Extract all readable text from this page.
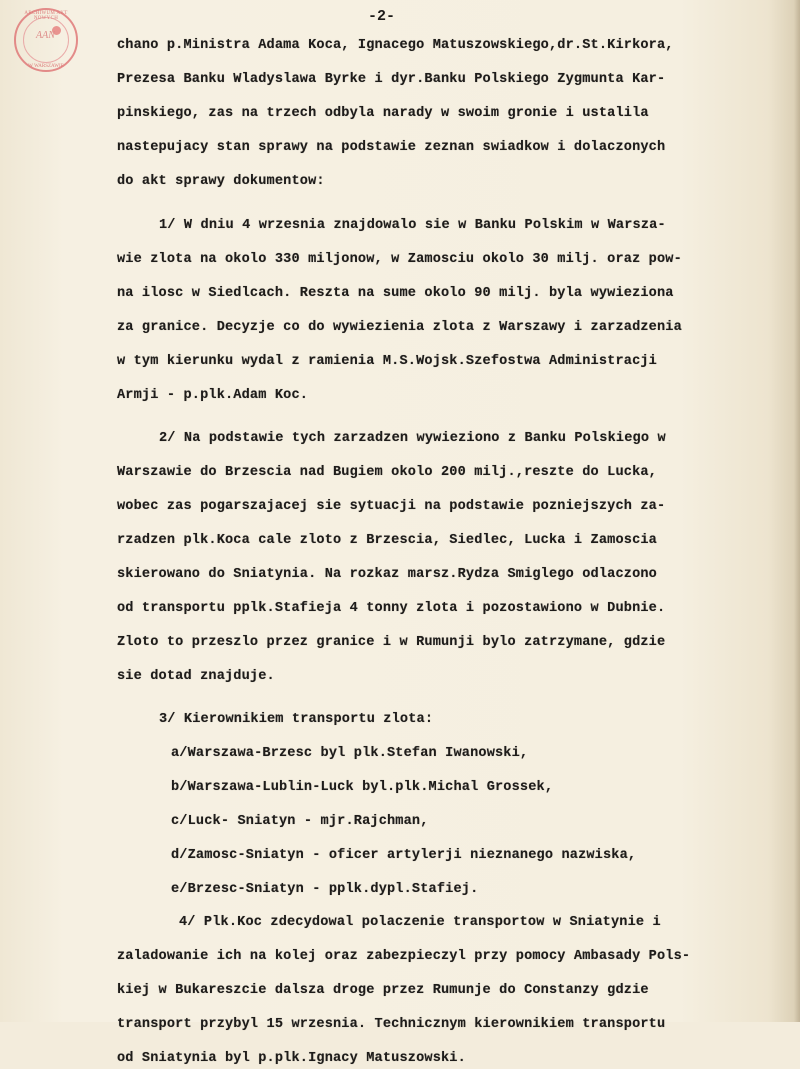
ARCHIWUM AKT NOWYCH
AAN
W WARSZAWIE
-2-
chano p.Ministra Adama Koca, Ignacego Matuszowskiego,dr.St.Kirkora,
Prezesa Banku Wladyslawa Byrke i dyr.Banku Polskiego Zygmunta Kar-
pinskiego, zas na trzech odbyla narady w swoim gronie i ustalila
nastepujacy stan sprawy na podstawie zeznan swiadkow i dolaczonych
do akt sprawy dokumentow:
1/ W dniu 4 wrzesnia znajdowalo sie w Banku Polskim w Warsza-
wie zlota na okolo 330 miljonow, w Zamosciu okolo 30 milj. oraz pow-
na ilosc w Siedlcach. Reszta na sume okolo 90 milj. byla wywieziona
za granice. Decyzje co do wywiezienia zlota z Warszawy i zarzadzenia
w tym kierunku wydal z ramienia M.S.Wojsk.Szefostwa Administracji
Armji - p.plk.Adam Koc.
2/ Na podstawie tych zarzadzen wywieziono z Banku Polskiego w
Warszawie do Brzescia nad Bugiem okolo 200 milj.,reszte do Lucka,
wobec zas pogarszajacej sie sytuacji na podstawie pozniejszych za-
rzadzen plk.Koca cale zloto z Brzescia, Siedlec, Lucka i Zamoscia
skierowano do Sniatynia. Na rozkaz marsz.Rydza Smiglego odlaczono
od transportu pplk.Stafieja 4 tonny zlota i pozostawiono w Dubnie.
Zloto to przeszlo przez granice i w Rumunji bylo zatrzymane, gdzie
sie dotad znajduje.
3/ Kierownikiem transportu zlota:
a/Warszawa-Brzesc byl plk.Stefan Iwanowski,
b/Warszawa-Lublin-Luck byl.plk.Michal Grossek,
c/Luck- Sniatyn - mjr.Rajchman,
d/Zamosc-Sniatyn - oficer artylerji nieznanego nazwiska,
e/Brzesc-Sniatyn - pplk.dypl.Stafiej.
4/ Plk.Koc zdecydowal polaczenie transportow w Sniatynie i
zaladowanie ich na kolej oraz zabezpieczyl przy pomocy Ambasady Pols-
kiej w Bukareszcie dalsza droge przez Rumunje do Constanzy gdzie
transport przybyl 15 wrzesnia. Technicznym kierownikiem transportu
od Sniatynia byl p.plk.Ignacy Matuszowski.
